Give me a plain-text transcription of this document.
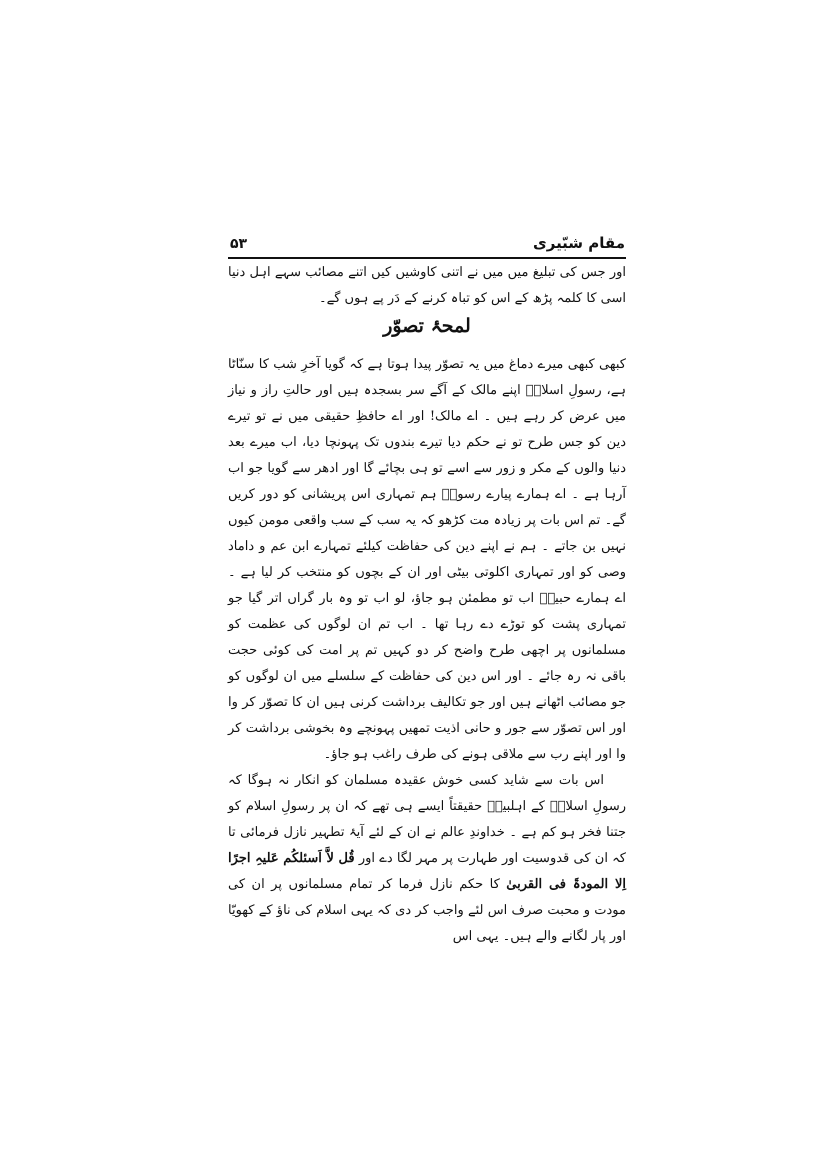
مقام شبّیری
۵۳

اور جس کی تبلیغ میں میں نے اتنی کاوشیں کیں اتنے مصائب سہے اہل دنیا اسی کا کلمہ پڑھ کے اس کو تباہ کرنے کے دَر پے ہوں گے۔

لمحۂ تصوّر

کبھی کبھی میرے دماغ میں یہ تصوّر پیدا ہوتا ہے کہ گویا آخرِ شب کا سنّاٹا ہے، رسولِ اسلامؐ اپنے مالک کے آگے سر بسجدہ ہیں اور حالتِ راز و نیاز میں عرض کر رہے ہیں ۔ اے مالک! اور اے حافظِ حقیقی میں نے تو تیرے دین کو جس طرح تو نے حکم دیا تیرے بندوں تک پہونچا دیا، اب میرے بعد دنیا والوں کے مکر و زور سے اسے تو ہی بچائے گا اور ادھر سے گویا جو اب آرہا ہے ۔ اے ہمارے پیارے رسولؐ ہم تمہاری اس پریشانی کو دور کریں گے۔ تم اس بات پر زیادہ مت کڑھو کہ یہ سب کے سب واقعی مومن کیوں نہیں بن جاتے ۔ ہم نے اپنے دین کی حفاظت کیلئے تمہارے ابن عم و داماد وصی کو اور تمہاری اکلوتی بیٹی اور ان کے بچوں کو منتخب کر لیا ہے ۔ اے ہمارے حبیبؐ اب تو مطمئن ہو جاؤ، لو اب تو وہ بار گراں اتر گیا جو تمہاری پشت کو توڑے دے رہا تھا ۔ اب تم ان لوگوں کی عظمت کو مسلمانوں پر اچھی طرح واضح کر دو کہیں تم پر امت کی کوئی حجت باقی نہ رہ جائے ۔ اور اس دین کی حفاظت کے سلسلے میں ان لوگوں کو جو مصائب اٹھانے ہیں اور جو تکالیف برداشت کرنی ہیں ان کا تصوّر کر وا اور اس تصوّر سے جور و حانی اذیت تمھیں پہونچے وہ بخوشی برداشت کر وا اور اپنے رب سے ملاقی ہونے کی طرف راغب ہو جاؤ۔

اس بات سے شاید کسی خوش عقیدہ مسلمان کو انکار نہ ہوگا کہ رسولِ اسلامؐ کے اہلبیتؑ حقیقتاً ایسے ہی تھے کہ ان پر رسولِ اسلام کو جتنا فخر ہو کم ہے ۔ خداوندِ عالم نے ان کے لئے آیۂ تطہیر نازل فرمائی تا کہ ان کی قدوسیت اور طہارت پر مہر لگا دے اور قُل لاَّ اَسئلکُم عَلیہِ اجرًا اِلا المودۃَ فی القربیٰ کا حکم نازل فرما کر تمام مسلمانوں پر ان کی مودت و محبت صرف اس لئے واجب کر دی کہ یہی اسلام کی ناؤ کے کھویّا اور پار لگانے والے ہیں۔ یہی اس
